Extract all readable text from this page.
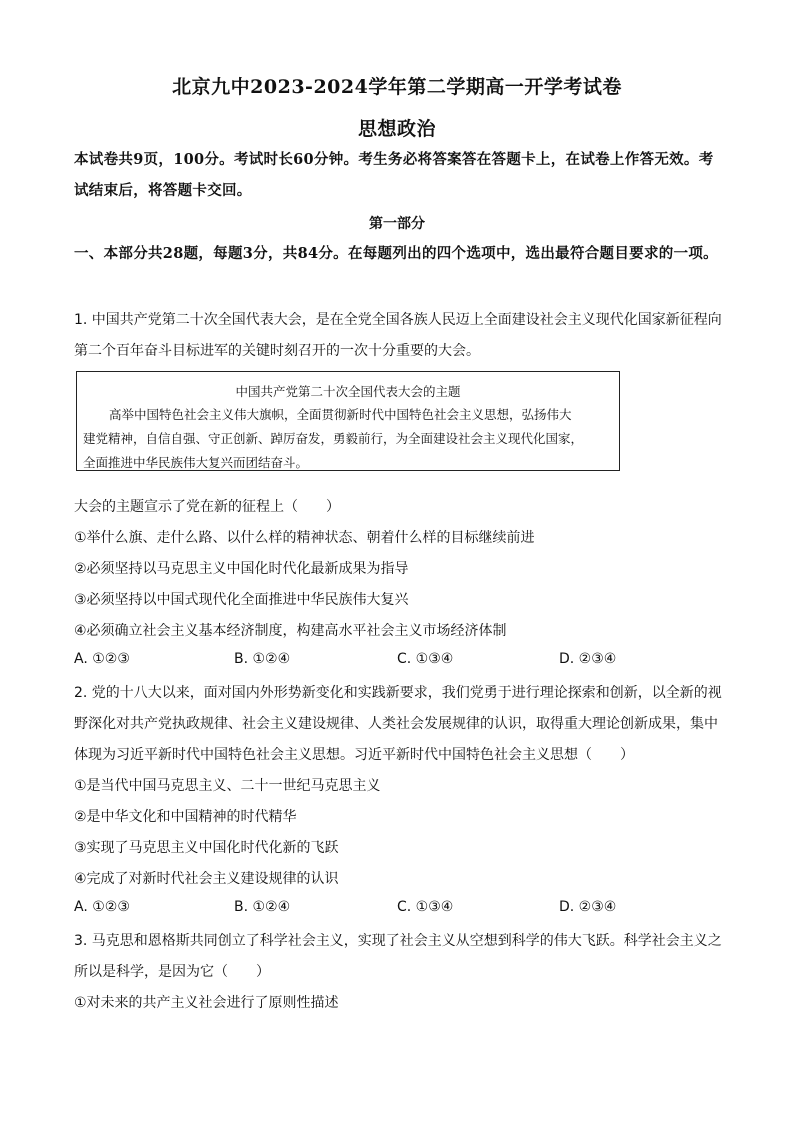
北京九中2023-2024学年第二学期高一开学考试卷
思想政治
本试卷共9页，100分。考试时长60分钟。考生务必将答案答在答题卡上，在试卷上作答无效。考试结束后，将答题卡交回。
第一部分
一、本部分共28题，每题3分，共84分。在每题列出的四个选项中，选出最符合题目要求的一项。
1. 中国共产党第二十次全国代表大会，是在全党全国各族人民迈上全面建设社会主义现代化国家新征程向
第二个百年奋斗目标进军的关键时刻召开的一次十分重要的大会。
中国共产党第二十次全国代表大会的主题
高举中国特色社会主义伟大旗帜，全面贯彻新时代中国特色社会主义思想，弘扬伟大
建党精神，自信自强、守正创新、踔厉奋发，勇毅前行，为全面建设社会主义现代化国家，
全面推进中华民族伟大复兴而团结奋斗。
大会的主题宣示了党在新的征程上（　　）
①举什么旗、走什么路、以什么样的精神状态、朝着什么样的目标继续前进
②必须坚持以马克思主义中国化时代化最新成果为指导
③必须坚持以中国式现代化全面推进中华民族伟大复兴
④必须确立社会主义基本经济制度，构建高水平社会主义市场经济体制
A. ①②③	B. ①②④	C. ①③④	D. ②③④
2. 党的十八大以来，面对国内外形势新变化和实践新要求，我们党勇于进行理论探索和创新，以全新的视
野深化对共产党执政规律、社会主义建设规律、人类社会发展规律的认识，取得重大理论创新成果，集中
体现为习近平新时代中国特色社会主义思想。习近平新时代中国特色社会主义思想（　　）
①是当代中国马克思主义、二十一世纪马克思主义
②是中华文化和中国精神的时代精华
③实现了马克思主义中国化时代化新的飞跃
④完成了对新时代社会主义建设规律的认识
A. ①②③	B. ①②④	C. ①③④	D. ②③④
3. 马克思和恩格斯共同创立了科学社会主义，实现了社会主义从空想到科学的伟大飞跃。科学社会主义之
所以是科学，是因为它（　　）
①对未来的共产主义社会进行了原则性描述
